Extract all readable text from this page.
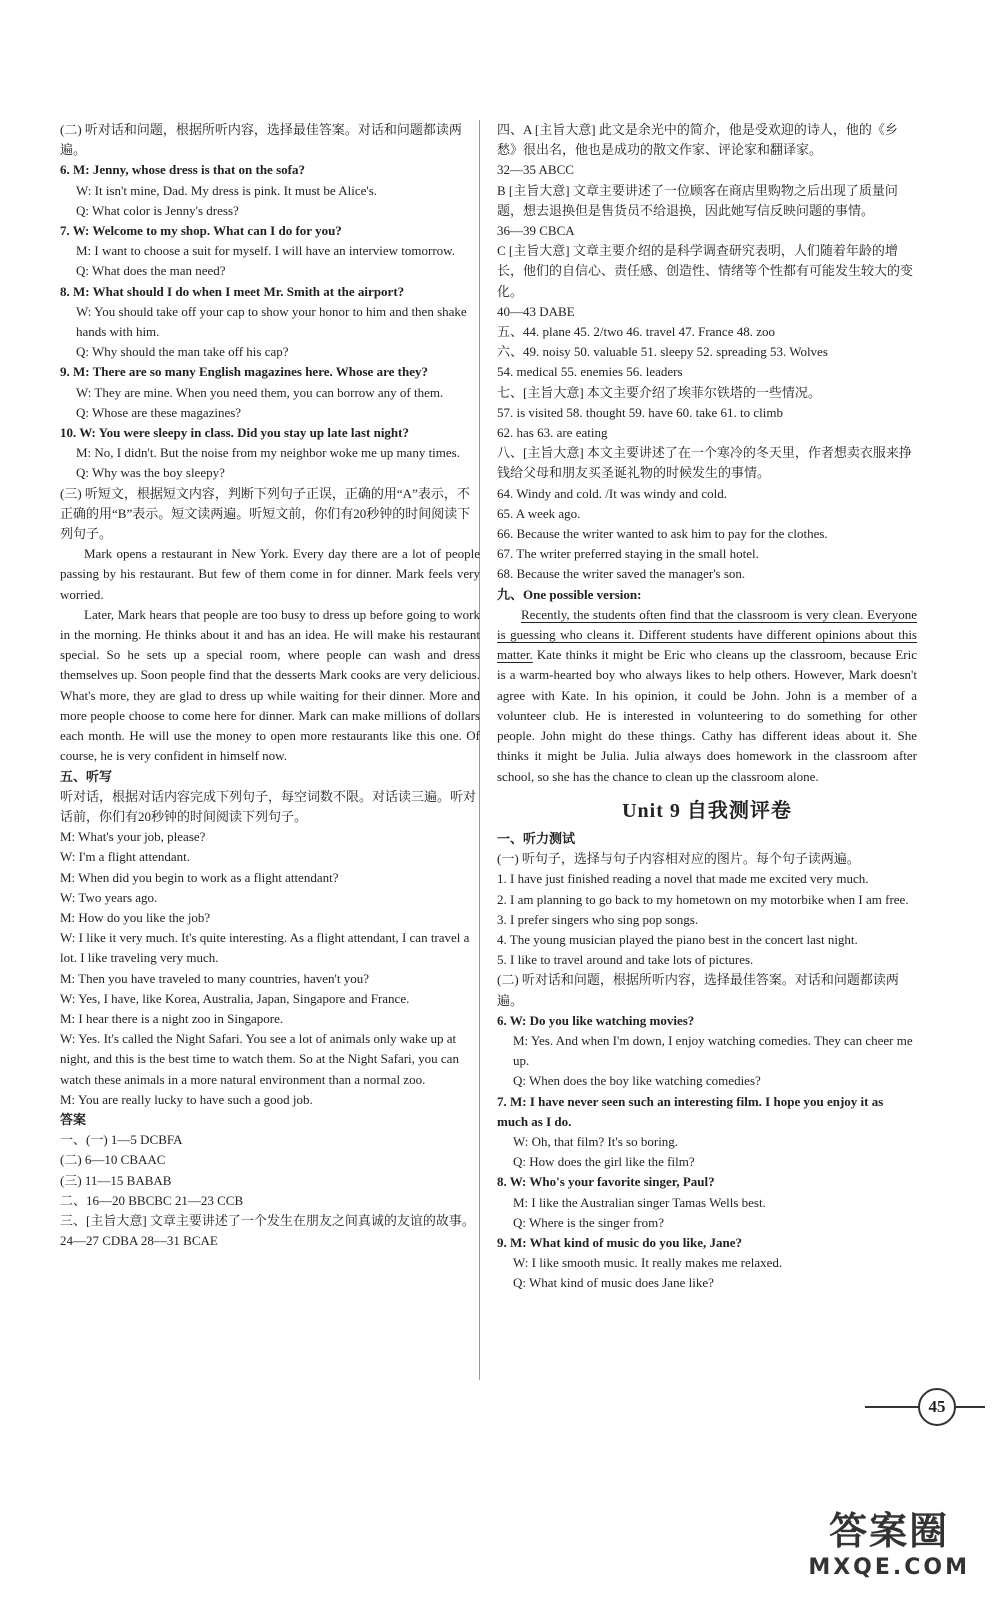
(二) 听对话和问题，根据所听内容，选择最佳答案。对话和问题都读两遍。
6. M: Jenny, whose dress is that on the sofa?
W: It isn't mine, Dad. My dress is pink. It must be Alice's.
Q: What color is Jenny's dress?
7. W: Welcome to my shop. What can I do for you?
M: I want to choose a suit for myself. I will have an interview tomorrow.
Q: What does the man need?
8. M: What should I do when I meet Mr. Smith at the airport?
W: You should take off your cap to show your honor to him and then shake hands with him.
Q: Why should the man take off his cap?
9. M: There are so many English magazines here. Whose are they?
W: They are mine. When you need them, you can borrow any of them.
Q: Whose are these magazines?
10. W: You were sleepy in class. Did you stay up late last night?
M: No, I didn't. But the noise from my neighbor woke me up many times.
Q: Why was the boy sleepy?
(三) 听短文，根据短文内容，判断下列句子正误，正确的用“A”表示，不正确的用“B”表示。短文读两遍。听短文前，你们有20秒钟的时间阅读下列句子。
Mark opens a restaurant in New York. Every day there are a lot of people passing by his restaurant. But few of them come in for dinner. Mark feels very worried.
Later, Mark hears that people are too busy to dress up before going to work in the morning. He thinks about it and has an idea. He will make his restaurant special. So he sets up a special room, where people can wash and dress themselves up. Soon people find that the desserts Mark cooks are very delicious. What's more, they are glad to dress up while waiting for their dinner. More and more people choose to come here for dinner. Mark can make millions of dollars each month. He will use the money to open more restaurants like this one. Of course, he is very confident in himself now.
五、听写
听对话，根据对话内容完成下列句子，每空词数不限。对话读三遍。听对话前，你们有20秒钟的时间阅读下列句子。
M: What's your job, please?
W: I'm a flight attendant.
M: When did you begin to work as a flight attendant?
W: Two years ago.
M: How do you like the job?
W: I like it very much. It's quite interesting. As a flight attendant, I can travel a lot. I like traveling very much.
M: Then you have traveled to many countries, haven't you?
W: Yes, I have, like Korea, Australia, Japan, Singapore and France.
M: I hear there is a night zoo in Singapore.
W: Yes. It's called the Night Safari. You see a lot of animals only wake up at night, and this is the best time to watch them. So at the Night Safari, you can watch these animals in a more natural environment than a normal zoo.
M: You are really lucky to have such a good job.
答案
一、(一) 1—5 DCBFA
(二) 6—10 CBAAC
(三) 11—15 BABAB
二、16—20 BBCBC 21—23 CCB
三、[主旨大意] 文章主要讲述了一个发生在朋友之间真诚的友谊的故事。
24—27 CDBA 28—31 BCAE
四、A [主旨大意] 此文是余光中的简介，他是受欢迎的诗人，他的《乡愁》很出名，他也是成功的散文作家、评论家和翻译家。
32—35 ABCC
B [主旨大意] 文章主要讲述了一位顾客在商店里购物之后出现了质量问题，想去退换但是售货员不给退换，因此她写信反映问题的事情。
36—39 CBCA
C [主旨大意] 文章主要介绍的是科学调查研究表明，人们随着年龄的增长，他们的自信心、责任感、创造性、情绪等个性都有可能发生较大的变化。
40—43 DABE
五、44. plane 45. 2/two 46. travel 47. France 48. zoo
六、49. noisy 50. valuable 51. sleepy 52. spreading 53. Wolves
54. medical 55. enemies 56. leaders
七、[主旨大意] 本文主要介绍了埃菲尔铁塔的一些情况。
57. is visited 58. thought 59. have 60. take 61. to climb
62. has 63. are eating
八、[主旨大意] 本文主要讲述了在一个寒冷的冬天里，作者想卖衣服来挣钱给父母和朋友买圣诞礼物的时候发生的事情。
64. Windy and cold. /It was windy and cold.
65. A week ago.
66. Because the writer wanted to ask him to pay for the clothes.
67. The writer preferred staying in the small hotel.
68. Because the writer saved the manager's son.
九、One possible version:
Recently, the students often find that the classroom is very clean. Everyone is guessing who cleans it. Different students have different opinions about this matter. Kate thinks it might be Eric who cleans up the classroom, because Eric is a warm-hearted boy who always likes to help others. However, Mark doesn't agree with Kate. In his opinion, it could be John. John is a member of a volunteer club. He is interested in volunteering to do something for other people. John might do these things. Cathy has different ideas about it. She thinks it might be Julia. Julia always does homework in the classroom after school, so she has the chance to clean up the classroom alone.
Unit 9 自我测评卷
一、听力测试
(一) 听句子，选择与句子内容相对应的图片。每个句子读两遍。
1. I have just finished reading a novel that made me excited very much.
2. I am planning to go back to my hometown on my motorbike when I am free.
3. I prefer singers who sing pop songs.
4. The young musician played the piano best in the concert last night.
5. I like to travel around and take lots of pictures.
(二) 听对话和问题，根据所听内容，选择最佳答案。对话和问题都读两遍。
6. W: Do you like watching movies?
M: Yes. And when I'm down, I enjoy watching comedies. They can cheer me up.
Q: When does the boy like watching comedies?
7. M: I have never seen such an interesting film. I hope you enjoy it as much as I do.
W: Oh, that film? It's so boring.
Q: How does the girl like the film?
8. W: Who's your favorite singer, Paul?
M: I like the Australian singer Tamas Wells best.
Q: Where is the singer from?
9. M: What kind of music do you like, Jane?
W: I like smooth music. It really makes me relaxed.
Q: What kind of music does Jane like?
45
答案圈
MXQE.COM
